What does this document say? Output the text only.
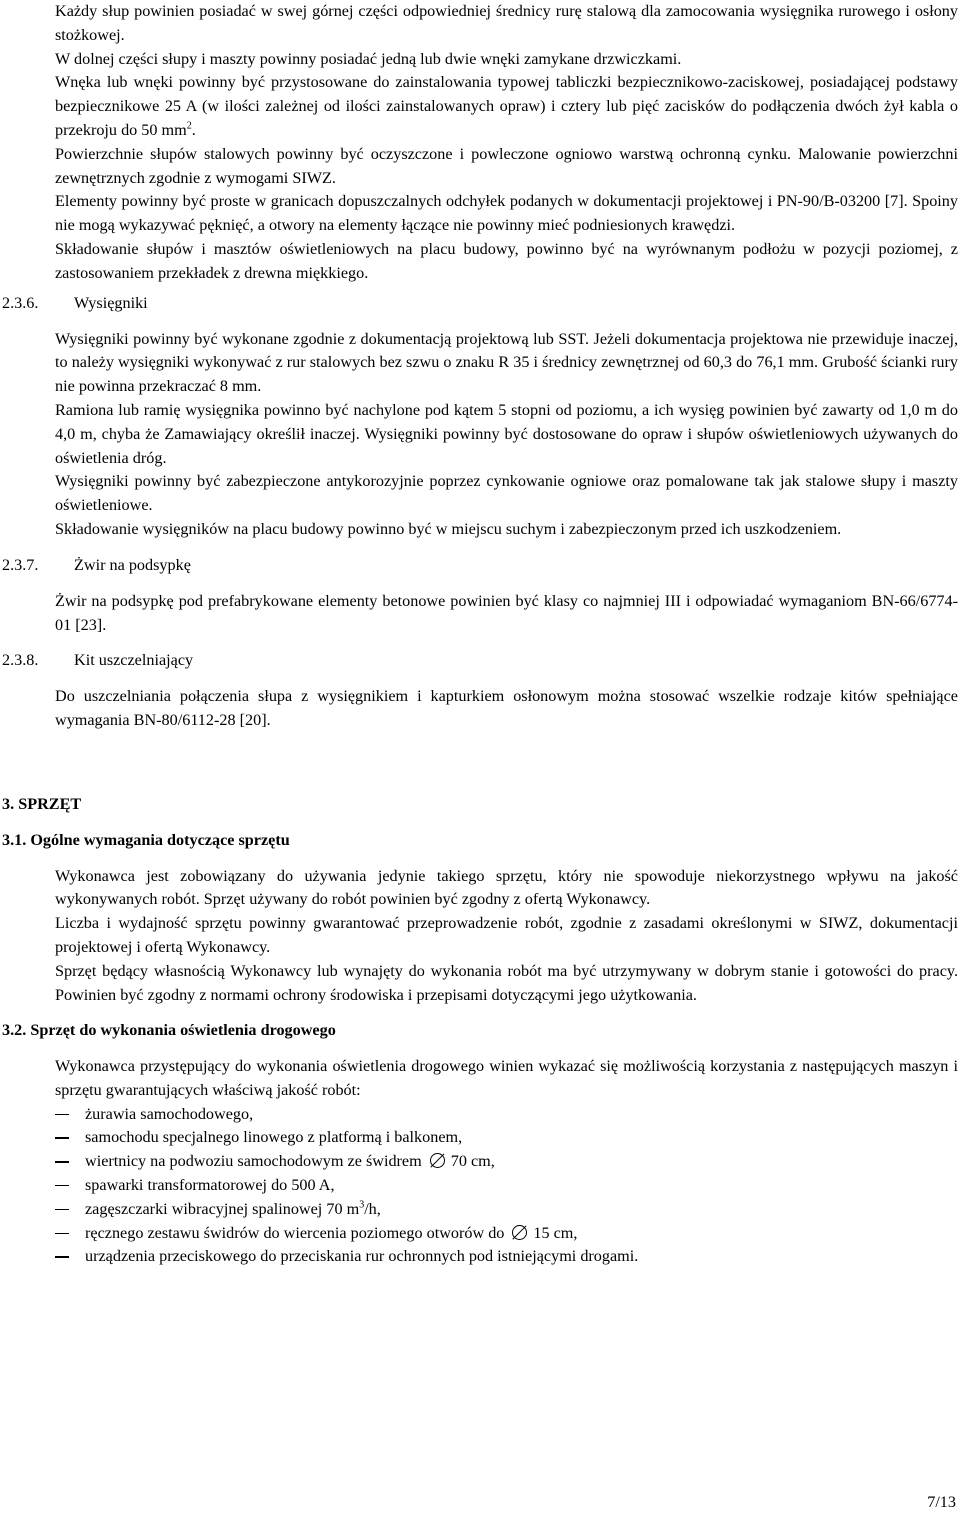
Każdy słup powinien posiadać w swej górnej części odpowiedniej średnicy rurę stalową dla zamocowania wysięgnika rurowego i osłony stożkowej.

W dolnej części słupy i maszty powinny posiadać jedną lub dwie wnęki zamykane drzwiczkami.

Wnęka lub wnęki powinny być przystosowane do zainstalowania typowej tabliczki bezpiecznikowo-zaciskowej, posiadającej podstawy bezpiecznikowe 25 A (w ilości zależnej od ilości zainstalowanych opraw) i cztery lub pięć zacisków do podłączenia dwóch żył kabla o przekroju do 50 $mm^2$.

Powierzchnie słupów stalowych powinny być oczyszczone i powleczone ogniowo warstwą ochronną cynku. Malowanie powierzchni zewnętrznych zgodnie z wymogami SIWZ.

Elementy powinny być proste w granicach dopuszczalnych odchyłek podanych w dokumentacji projektowej i PN-90/B-03200 [7]. Spoiny nie mogą wykazywać pęknięć, a otwory na elementy łączące nie powinny mieć podniesionych krawędzi.

Składowanie słupów i masztów oświetleniowych na placu budowy, powinno być na wyrównanym podłożu w pozycji poziomej, z zastosowaniem przekładek z drewna miękkiego.

2.3.6. Wysięgniki

Wysięgniki powinny być wykonane zgodnie z dokumentacją projektową lub SST. Jeżeli dokumentacja projektowa nie przewiduje inaczej, to należy wysięgniki wykonywać z rur stalowych bez szwu o znaku R 35 i średnicy zewnętrznej od 60,3 do 76,1 mm. Grubość ścianki rury nie powinna przekraczać 8 mm.

Ramiona lub ramię wysięgnika powinno być nachylone pod kątem 5 stopni od poziomu, a ich wysięg powinien być zawarty od 1,0 m do 4,0 m, chyba że Zamawiający określił inaczej. Wysięgniki powinny być dostosowane do opraw i słupów oświetleniowych używanych do oświetlenia dróg.

Wysięgniki powinny być zabezpieczone antykorozyjnie poprzez cynkowanie ogniowe oraz pomalowane tak jak stalowe słupy i maszty oświetleniowe.

Składowanie wysięgników na placu budowy powinno być w miejscu suchym i zabezpieczonym przed ich uszkodzeniem.

2.3.7. Żwir na podsypkę

Żwir na podsypkę pod prefabrykowane elementy betonowe powinien być klasy co najmniej III i odpowiadać wymaganiom BN-66/6774-01 [23].

2.3.8. Kit uszczelniający

Do uszczelniania połączenia słupa z wysięgnikiem i kapturkiem osłonowym można stosować wszelkie rodzaje kitów spełniające wymagania BN-80/6112-28 [20].

3. SPRZĘT
3.1. Ogólne wymagania dotyczące sprzętu

Wykonawca jest zobowiązany do używania jedynie takiego sprzętu, który nie spowoduje niekorzystnego wpływu na jakość wykonywanych robót. Sprzęt używany do robót powinien być zgodny z ofertą Wykonawcy.

Liczba i wydajność sprzętu powinny gwarantować przeprowadzenie robót, zgodnie z zasadami określonymi w SIWZ, dokumentacji projektowej i ofertą Wykonawcy.

Sprzęt będący własnością Wykonawcy lub wynajęty do wykonania robót ma być utrzymywany w dobrym stanie i gotowości do pracy. Powinien być zgodny z normami ochrony środowiska i przepisami dotyczącymi jego użytkowania.

3.2. Sprzęt do wykonania oświetlenia drogowego

Wykonawca przystępujący do wykonania oświetlenia drogowego winien wykazać się możliwością korzystania z następujących maszyn i sprzętu gwarantujących właściwą jakość robót:

żurawia samochodowego,
samochodu specjalnego linowego z platformą i balkonem,
wiertnicy na podwoziu samochodowym ze świdrem 70 cm,
spawarki transformatorowej do 500 A,
zagęszczarki wibracyjnej spalinowej 70 $m^3/h$,
ręcznego zestawu świdrów do wiercenia poziomego otworów do 15 cm,
urządzenia przeciskowego do przeciskania rur ochronnych pod istniejącymi drogami.
7/13
